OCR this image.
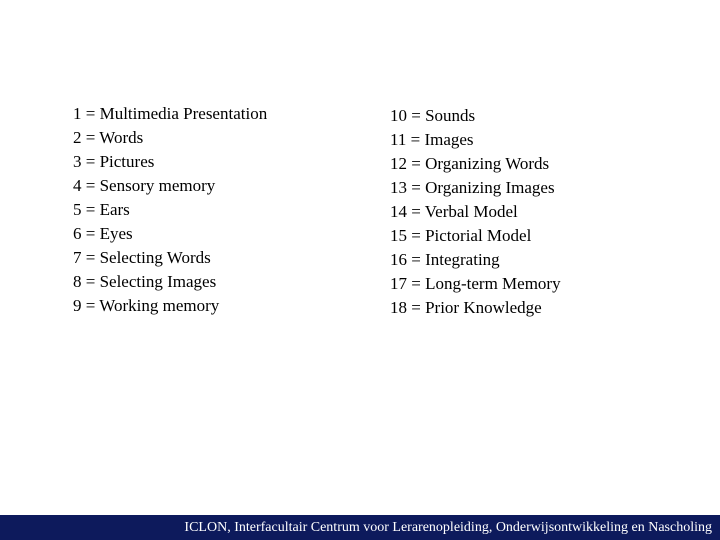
1 = Multimedia Presentation
2 = Words
3 = Pictures
4 = Sensory memory
5 = Ears
6 = Eyes
7 = Selecting Words
8 = Selecting Images
9 = Working memory
10 = Sounds
11 = Images
12 = Organizing Words
13 = Organizing Images
14 = Verbal Model
15 = Pictorial Model
16 = Integrating
17 = Long-term Memory
18 = Prior Knowledge
ICLON, Interfacultair Centrum voor Lerarenopleiding, Onderwijsontwikkeling en Nascholing
